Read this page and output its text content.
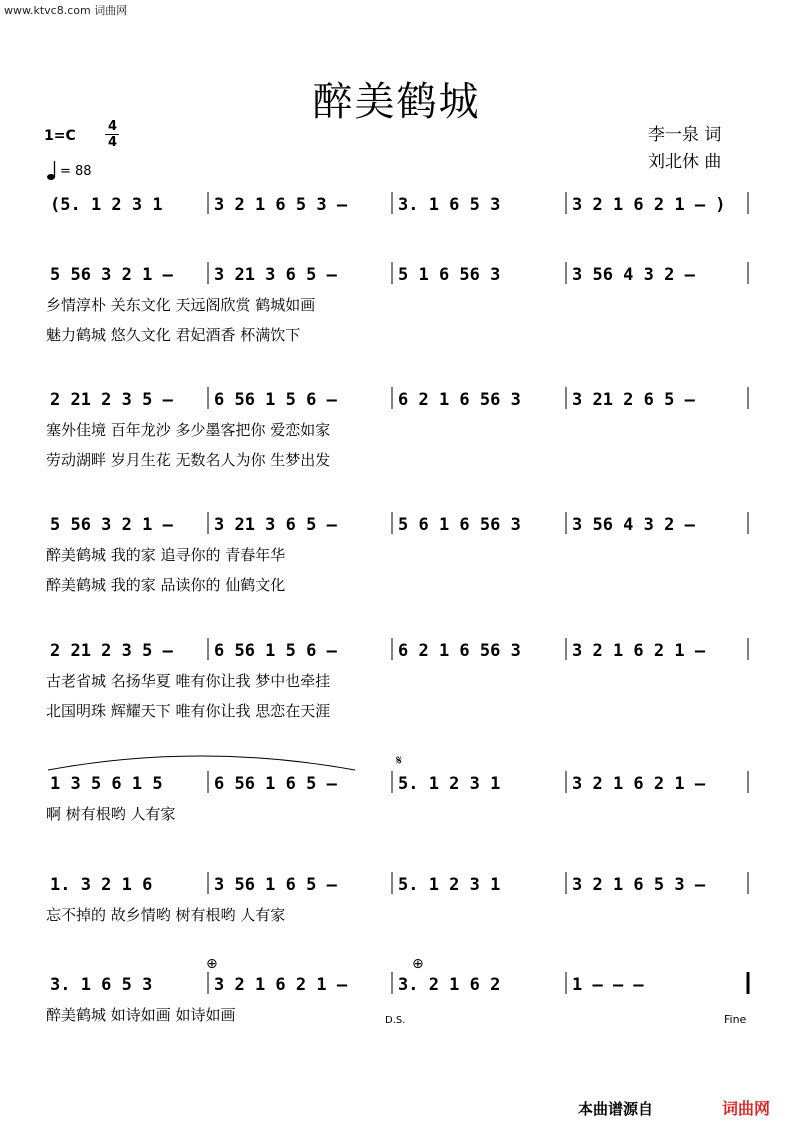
www.ktvc8.com 词曲网
醉美鹤城
李一泉 词
刘北休 曲
1=C
4
4
= 88
(5. 1 2 3 1	3 2 1 6 5 3 –	3. 1 6 5 3	3 2 1 6 2 1 – )
5 56 3 2 1 – 3 21 3 6 5 –	5 1 6 56 3	3 56 4 3 2 –
乡情淳朴 关东文化 天远阁欣赏 鹤城如画
魅力鹤城 悠久文化 君妃酒香 杯满饮下
2 21 2 3 5 – 6 56 1 5 6 –	6 2 1 6 56 3	3 21 2 6 5 –
塞外佳境 百年龙沙 多少墨客把你 爱恋如家
劳动湖畔 岁月生花 无数名人为你 生梦出发
5 56 3 2 1 – 3 21 3 6 5 –	5 6 1 6 56 3	3 56 4 3 2 –
醉美鹤城 我的家 追寻你的 青春年华
醉美鹤城 我的家 品读你的 仙鹤文化
2 21 2 3 5 – 6 56 1 5 6 –	6 2 1 6 56 3	3 2 1 6 2 1 –
古老省城 名扬华夏 唯有你让我 梦中也牵挂
北国明珠 辉耀天下 唯有你让我 思恋在天涯
1 3 5 6 1 5	6 56 1 6 5 –	5. 1 2 3 1	3 2 1 6 2 1 –
啊 树有根哟 人有家
1. 3 2 1 6	3 56 1 6 5 –	5. 1 2 3 1	3 2 1 6 5 3 –
忘不掉的 故乡情哟 树有根哟 人有家
3. 1 6 5 3	3 2 1 6 2 1 –	3. 2 1 6 2	1 – – –
醉美鹤城 如诗如画 如诗如画
𝄋
⊕	⊕
D.S.	Fine
本曲谱源自	词曲网
